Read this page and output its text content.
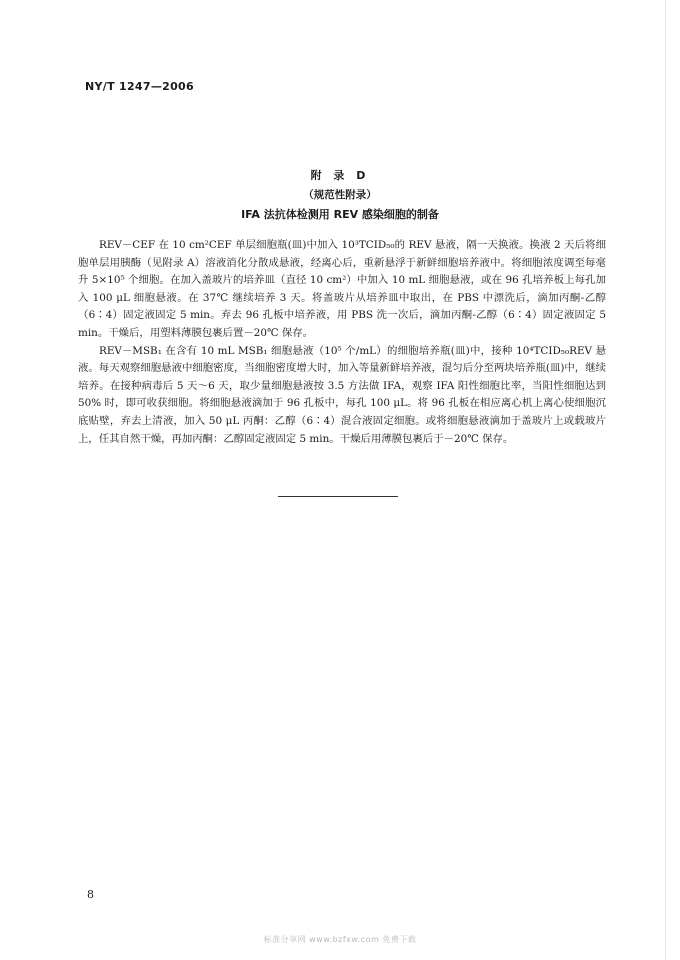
NY/T 1247—2006
附 录 D
（规范性附录）
IFA 法抗体检测用 REV 感染细胞的制备

REV－CEF 在 10 cm²CEF 单层细胞瓶(皿)中加入 10³TCID₅₀的 REV 悬液，隔一天换液。换液 2 天后将细胞单层用胰酶（见附录 A）溶液消化分散成悬液，经离心后，重新悬浮于新鲜细胞培养液中。将细胞浓度调至每毫升 5×10⁵ 个细胞。在加入盖玻片的培养皿（直径 10 cm²）中加入 10 mL 细胞悬液，或在 96 孔培养板上每孔加入 100 μL 细胞悬液。在 37℃ 继续培养 3 天。将盖玻片从培养皿中取出，在 PBS 中漂洗后，滴加丙酮-乙醇（6∶4）固定液固定 5 min。弃去 96 孔板中培养液，用 PBS 洗一次后，滴加丙酮-乙醇（6∶4）固定液固定 5 min。干燥后，用塑料薄膜包裹后置－20℃ 保存。

REV－MSB₁ 在含有 10 mL MSB₁ 细胞悬液（10⁵ 个/mL）的细胞培养瓶(皿)中，接种 10⁴TCID₅₀REV 悬液。每天观察细胞悬液中细胞密度，当细胞密度增大时，加入等量新鲜培养液，混匀后分至两块培养瓶(皿)中，继续培养。在接种病毒后 5 天～6 天，取少量细胞悬液按 3.5 方法做 IFA，观察 IFA 阳性细胞比率，当阳性细胞达到 50% 时，即可收获细胞。将细胞悬液滴加于 96 孔板中，每孔 100 μL。将 96 孔板在相应离心机上离心使细胞沉底贴壁，弃去上清液，加入 50 μL 丙酮：乙醇（6∶4）混合液固定细胞。或将细胞悬液滴加于盖玻片上或载玻片上，任其自然干燥，再加丙酮：乙醇固定液固定 5 min。干燥后用薄膜包裹后于－20℃ 保存。

8
标准分享网 www.bzfxw.com 免费下载
